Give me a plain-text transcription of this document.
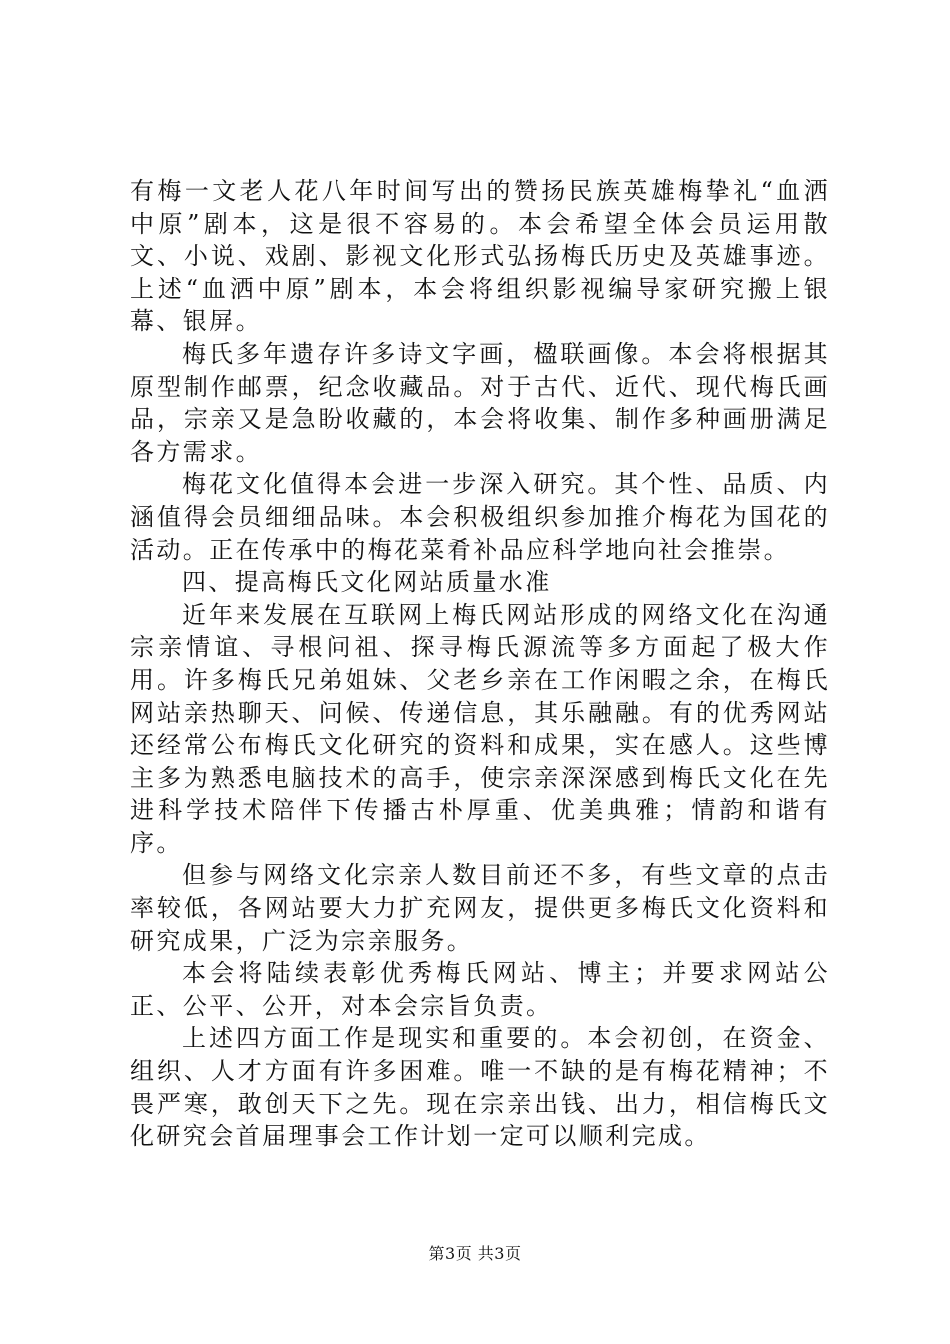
有梅一文老人花八年时间写出的赞扬民族英雄梅挚礼“血洒中原”剧本，这是很不容易的。本会希望全体会员运用散文、小说、戏剧、影视文化形式弘扬梅氏历史及英雄事迹。上述“血洒中原”剧本，本会将组织影视编导家研究搬上银幕、银屏。

梅氏多年遗存许多诗文字画，楹联画像。本会将根据其原型制作邮票，纪念收藏品。对于古代、近代、现代梅氏画品，宗亲又是急盼收藏的，本会将收集、制作多种画册满足各方需求。

梅花文化值得本会进一步深入研究。其个性、品质、内涵值得会员细细品味。本会积极组织参加推介梅花为国花的活动。正在传承中的梅花菜肴补品应科学地向社会推崇。

四、提高梅氏文化网站质量水准

近年来发展在互联网上梅氏网站形成的网络文化在沟通宗亲情谊、寻根问祖、探寻梅氏源流等多方面起了极大作用。许多梅氏兄弟姐妹、父老乡亲在工作闲暇之余，在梅氏网站亲热聊天、问候、传递信息，其乐融融。有的优秀网站还经常公布梅氏文化研究的资料和成果，实在感人。这些博主多为熟悉电脑技术的高手，使宗亲深深感到梅氏文化在先进科学技术陪伴下传播古朴厚重、优美典雅；情韵和谐有序。

但参与网络文化宗亲人数目前还不多，有些文章的点击率较低，各网站要大力扩充网友，提供更多梅氏文化资料和研究成果，广泛为宗亲服务。

本会将陆续表彰优秀梅氏网站、博主；并要求网站公正、公平、公开，对本会宗旨负责。

上述四方面工作是现实和重要的。本会初创，在资金、组织、人才方面有许多困难。唯一不缺的是有梅花精神；不畏严寒，敢创天下之先。现在宗亲出钱、出力，相信梅氏文化研究会首届理事会工作计划一定可以顺利完成。

第3页 共3页
